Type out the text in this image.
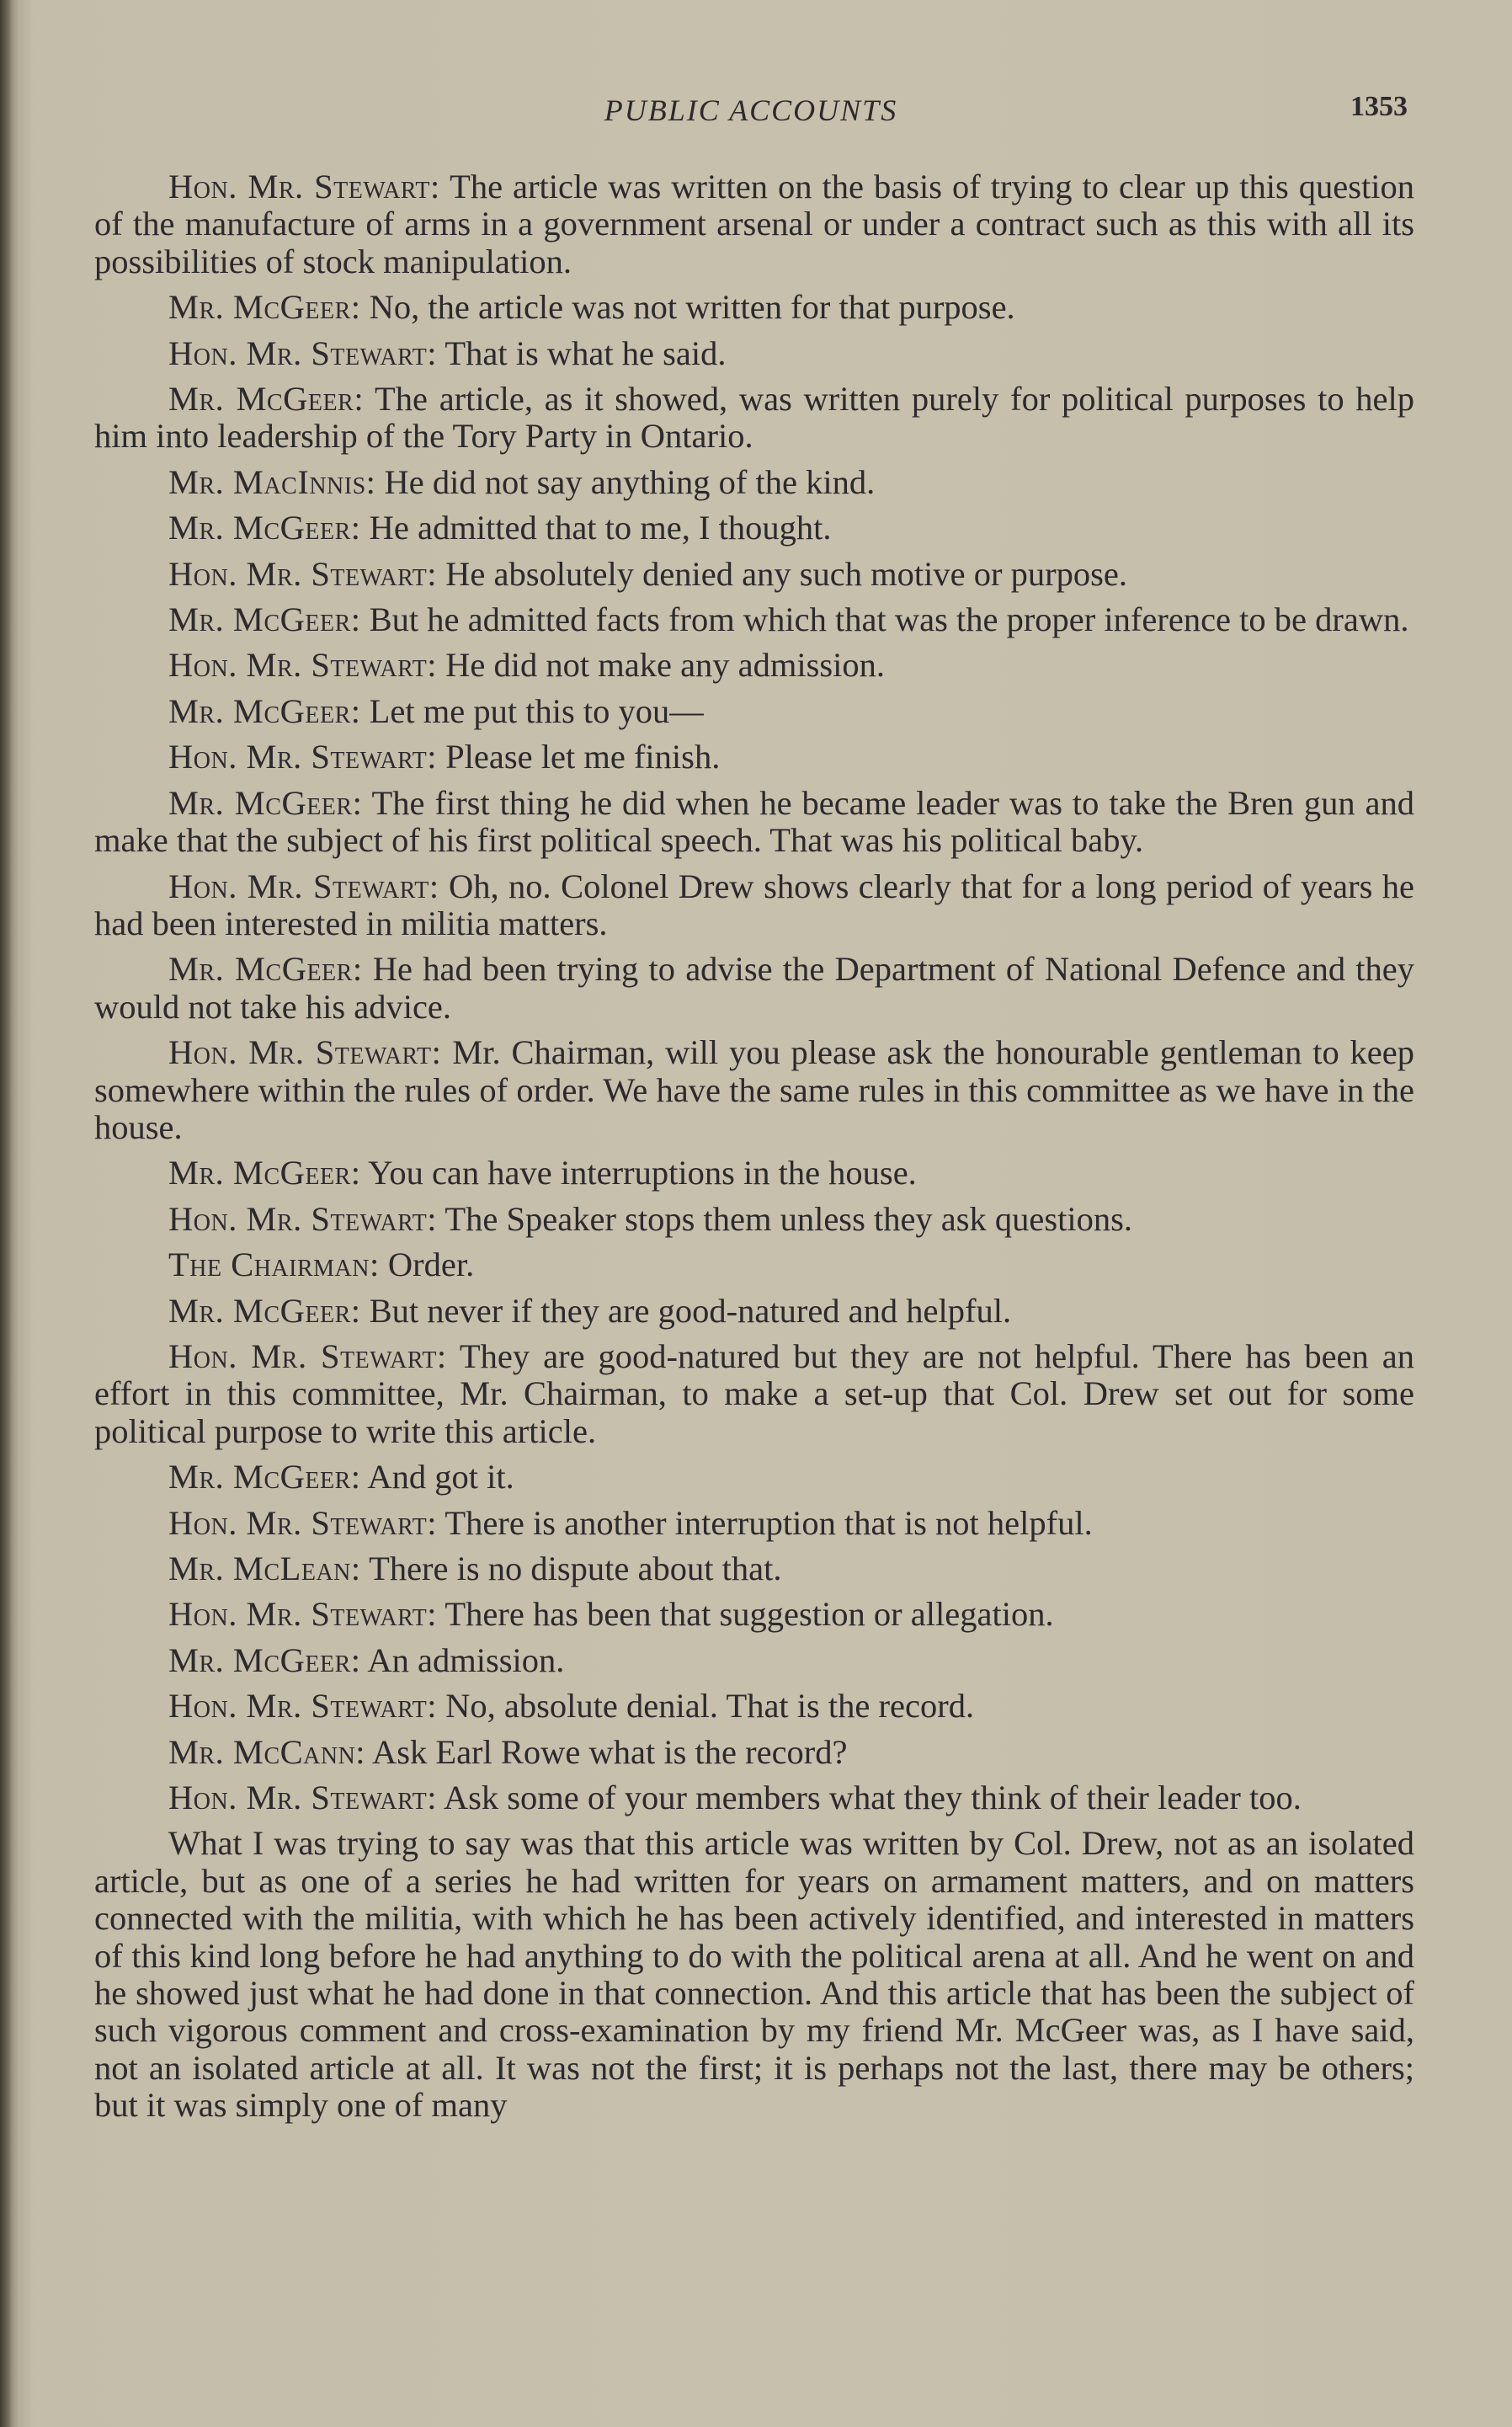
PUBLIC ACCOUNTS	1353

Hon. Mr. Stewart: The article was written on the basis of trying to clear up this question of the manufacture of arms in a government arsenal or under a contract such as this with all its possibilities of stock manipulation.

Mr. McGeer: No, the article was not written for that purpose.

Hon. Mr. Stewart: That is what he said.

Mr. McGeer: The article, as it showed, was written purely for political purposes to help him into leadership of the Tory Party in Ontario.

Mr. MacInnis: He did not say anything of the kind.

Mr. McGeer: He admitted that to me, I thought.

Hon. Mr. Stewart: He absolutely denied any such motive or purpose.

Mr. McGeer: But he admitted facts from which that was the proper inference to be drawn.

Hon. Mr. Stewart: He did not make any admission.

Mr. McGeer: Let me put this to you—

Hon. Mr. Stewart: Please let me finish.

Mr. McGeer: The first thing he did when he became leader was to take the Bren gun and make that the subject of his first political speech. That was his political baby.

Hon. Mr. Stewart: Oh, no. Colonel Drew shows clearly that for a long period of years he had been interested in militia matters.

Mr. McGeer: He had been trying to advise the Department of National Defence and they would not take his advice.

Hon. Mr. Stewart: Mr. Chairman, will you please ask the honourable gentleman to keep somewhere within the rules of order. We have the same rules in this committee as we have in the house.

Mr. McGeer: You can have interruptions in the house.

Hon. Mr. Stewart: The Speaker stops them unless they ask questions.

The Chairman: Order.

Mr. McGeer: But never if they are good-natured and helpful.

Hon. Mr. Stewart: They are good-natured but they are not helpful. There has been an effort in this committee, Mr. Chairman, to make a set-up that Col. Drew set out for some political purpose to write this article.

Mr. McGeer: And got it.

Hon. Mr. Stewart: There is another interruption that is not helpful.

Mr. McLean: There is no dispute about that.

Hon. Mr. Stewart: There has been that suggestion or allegation.

Mr. McGeer: An admission.

Hon. Mr. Stewart: No, absolute denial. That is the record.

Mr. McCann: Ask Earl Rowe what is the record?

Hon. Mr. Stewart: Ask some of your members what they think of their leader too.

What I was trying to say was that this article was written by Col. Drew, not as an isolated article, but as one of a series he had written for years on armament matters, and on matters connected with the militia, with which he has been actively identified, and interested in matters of this kind long before he had anything to do with the political arena at all. And he went on and he showed just what he had done in that connection. And this article that has been the subject of such vigorous comment and cross-examination by my friend Mr. McGeer was, as I have said, not an isolated article at all. It was not the first; it is perhaps not the last, there may be others; but it was simply one of many
